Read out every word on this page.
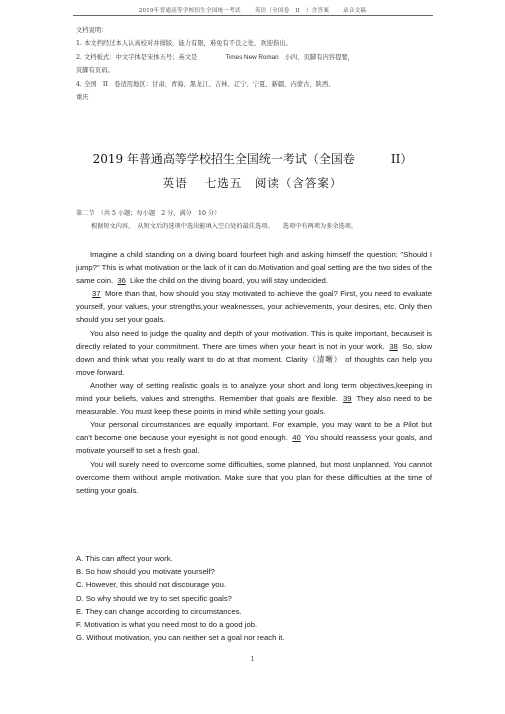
2019年普通高等学校招生全国统一考试 英语（全国卷　II　）含答案 录音文稿
文档说明：
1. 本文档经过本人认真校对并排版，能力有限，难免有不良之处，欢迎指出。
2. 文档板式：中文字体是宋体五号；英文是	Times New Roman 小四，页脚有内容提要，
页脚有页码。
4. 全国　II　卷适用地区：甘肃、青海、黑龙江、吉林、辽宁、宁夏、新疆、内蒙古、陕西、
重庆
2019 年普通高等学校招生全国统一考试（全国卷　　　II）
英语　 七选五　阅读（含答案）
第二节　（共 5 小题；每小题　2 分，满分　10 分）
根据短文内容，　从短文后的选项中选出能填入空白处的最佳选项。　　选项中有两项为多余选项。

Imagine a child standing on a diving board fourfeet high and asking himself the question: "Should I jump?" This is what motivation or the lack of it can do.Motivation and goal setting are the two sides of the same coin. 36 Like the child on the diving board, you will stay undecided.

37 More than that, how should you stay motivated to achieve the goal? First, you need to evaluate yourself, your values, your strengths,your weaknesses, your achievements, your desires, etc. Only then should you set your goals.

You also need to judge the quality and depth of your motivation. This is quite important, becauseit is directly related to your commitment. There are times when your heart is not in your work. 38 So, slow down and think what you really want to do at that moment. Clarity（清晰） of thoughts can help you move forward.

Another way of setting realistic goals is to analyze your short and long term objectives,keeping in mind your beliefs, values and strengths. Remember that goals are flexible. 39 They also need to be measurable. You must keep these points in mind while setting your goals.

Your personal circumstances are equally important. For example, you may want to be a Pilot but can't become one because your eyesight is not good enough. 40 You should reassess your goals, and motivate yourself to set a fresh goal.

You will surely need to overcome some difficulties, some planned, but most unplanned. You cannot overcome them without ample motivation. Make sure that you plan for these difficulties at the time of setting your goals.

A. This can affect your work.
B. So how should you motivate yourself?
C. However, this should not discourage you.
D. So why should we try to set specific goals?
E. They can change according to circumstances.
F. Motivation is what you need most to do a good job.
G. Without motivation, you can neither set a goal nor reach it.
1
